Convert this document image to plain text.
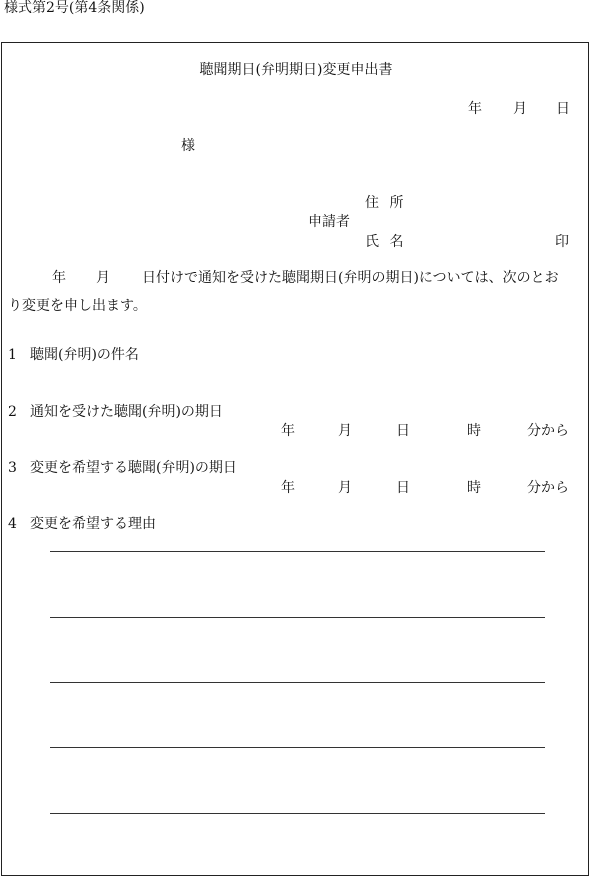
様式第2号(第4条関係)
聴聞期日(弁明期日)変更申出書
年 月 日
様
住 所
申請者
氏 名	印
年 月 日付けで通知を受けた聴聞期日(弁明の期日)については、次のとお
り変更を申し出ます。
1 聴聞(弁明)の件名
2 通知を受けた聴聞(弁明)の期日
年	月	日	時	分から
3 変更を希望する聴聞(弁明)の期日
年	月	日	時	分から
4 変更を希望する理由
